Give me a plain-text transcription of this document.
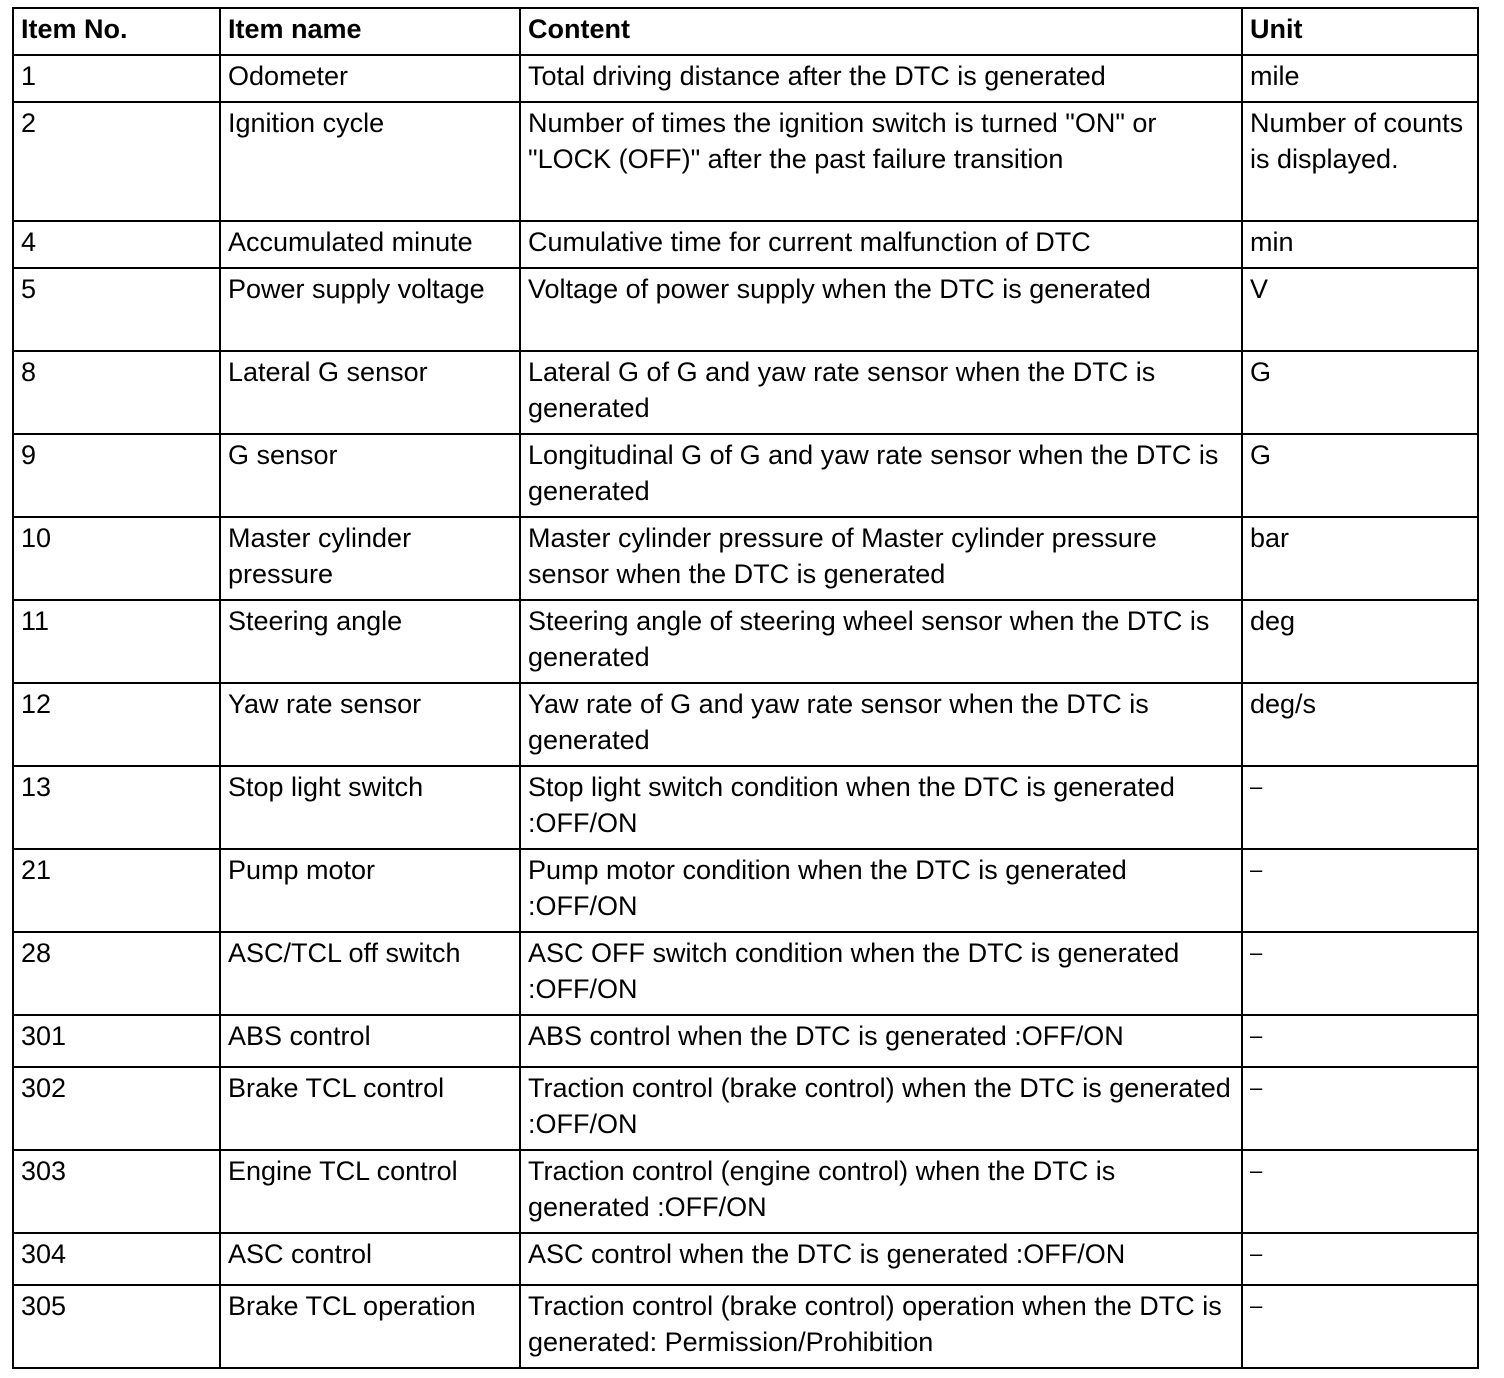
Item No.	Item name	Content	Unit
1	Odometer	Total driving distance after the DTC is generated	mile
2	Ignition cycle	Number of times the ignition switch is turned "ON" or "LOCK (OFF)" after the past failure transition	Number of counts is displayed.
4	Accumulated minute	Cumulative time for current malfunction of DTC	min
5	Power supply voltage	Voltage of power supply when the DTC is generated	V
8	Lateral G sensor	Lateral G of G and yaw rate sensor when the DTC is generated	G
9	G sensor	Longitudinal G of G and yaw rate sensor when the DTC is generated	G
10	Master cylinder pressure	Master cylinder pressure of Master cylinder pressure sensor when the DTC is generated	bar
11	Steering angle	Steering angle of steering wheel sensor when the DTC is generated	deg
12	Yaw rate sensor	Yaw rate of G and yaw rate sensor when the DTC is generated	deg/s
13	Stop light switch	Stop light switch condition when the DTC is generated :OFF/ON	–
21	Pump motor	Pump motor condition when the DTC is generated :OFF/ON	–
28	ASC/TCL off switch	ASC OFF switch condition when the DTC is generated :OFF/ON	–
301	ABS control	ABS control when the DTC is generated :OFF/ON	–
302	Brake TCL control	Traction control (brake control) when the DTC is generated :OFF/ON	–
303	Engine TCL control	Traction control (engine control) when the DTC is generated :OFF/ON	–
304	ASC control	ASC control when the DTC is generated :OFF/ON	–
305	Brake TCL operation	Traction control (brake control) operation when the DTC is generated: Permission/Prohibition	–
